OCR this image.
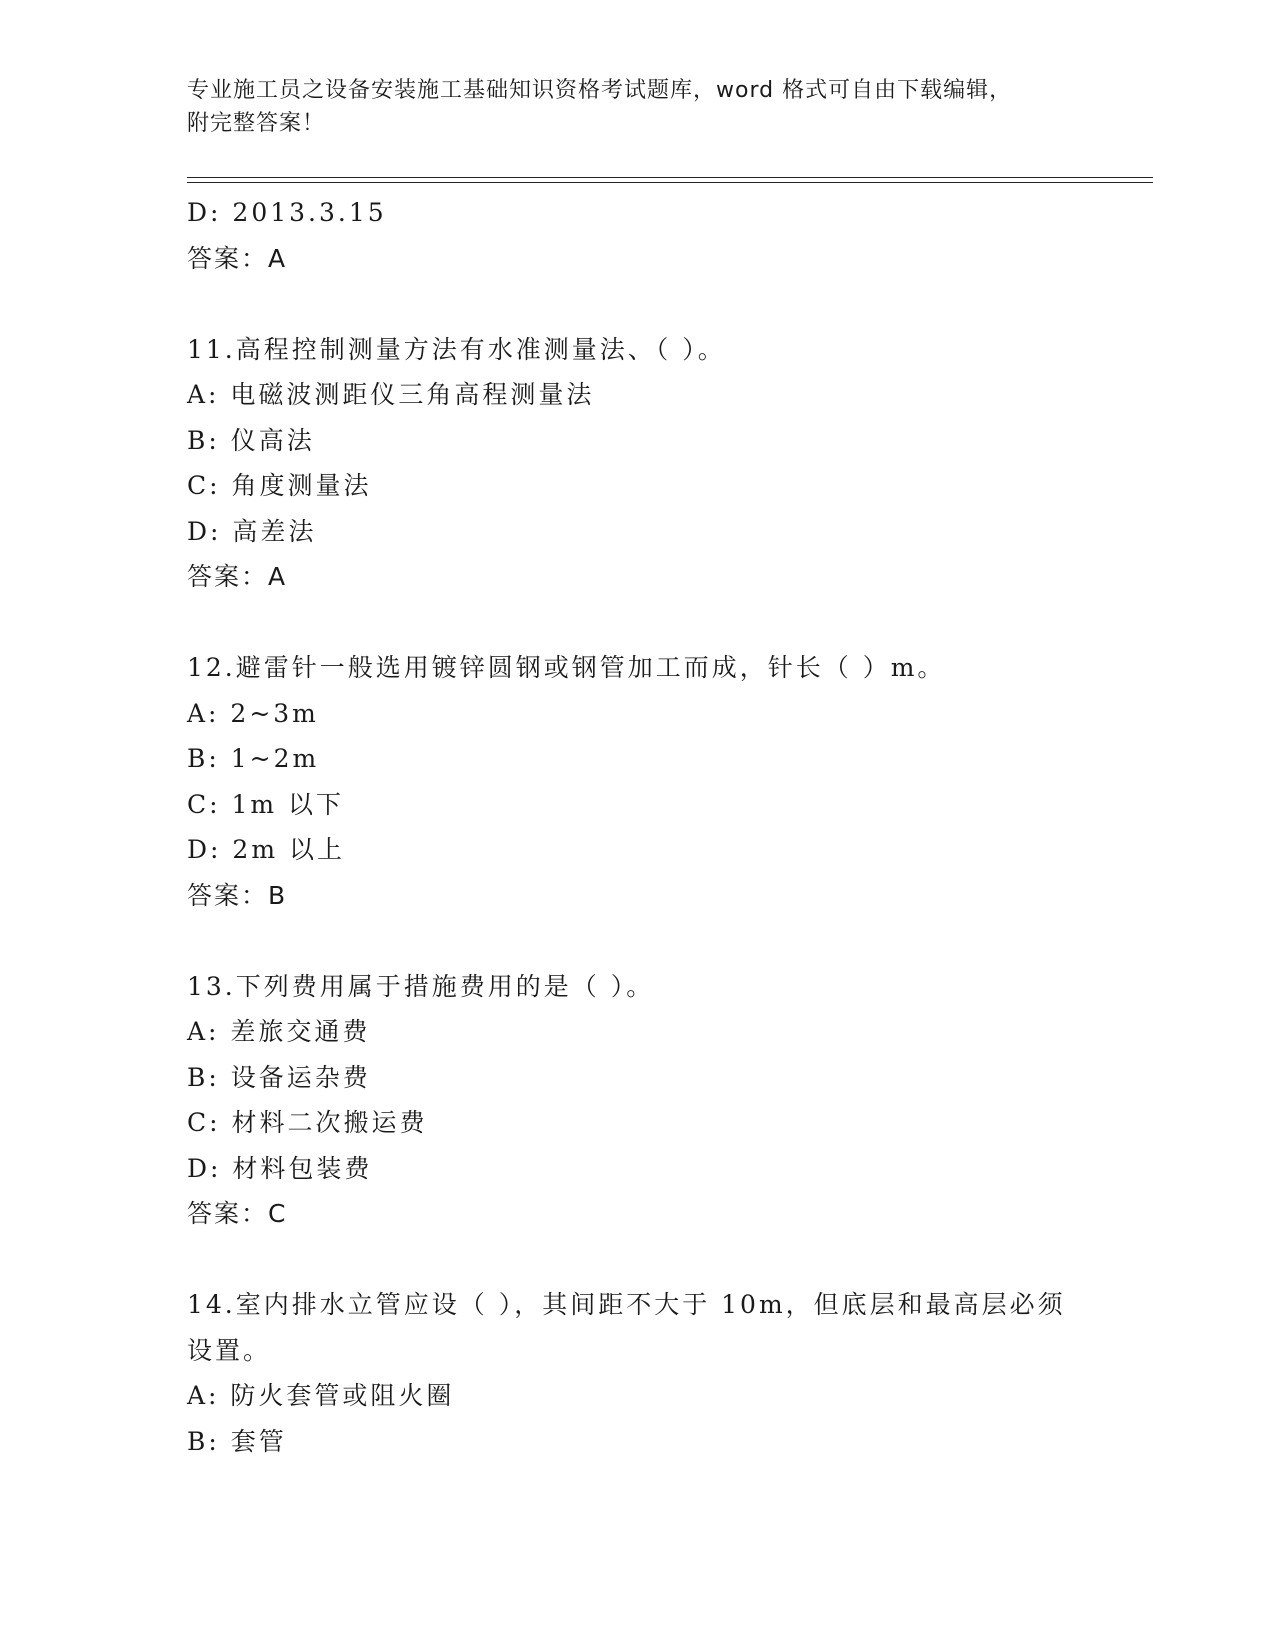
专业施工员之设备安装施工基础知识资格考试题库，word 格式可自由下载编辑，
附完整答案！
D: 2013.3.15
答案：A
11.高程控制测量方法有水准测量法、（ ）。
A: 电磁波测距仪三角高程测量法
B: 仪高法
C: 角度测量法
D: 高差法
答案：A
12.避雷针一般选用镀锌圆钢或钢管加工而成，针长（ ）m。
A: 2~3m
B: 1~2m
C: 1m 以下
D: 2m 以上
答案：B
13.下列费用属于措施费用的是（ ）。
A: 差旅交通费
B: 设备运杂费
C: 材料二次搬运费
D: 材料包装费
答案：C
14.室内排水立管应设（ ），其间距不大于 10m，但底层和最高层必须
设置。
A: 防火套管或阻火圈
B: 套管
